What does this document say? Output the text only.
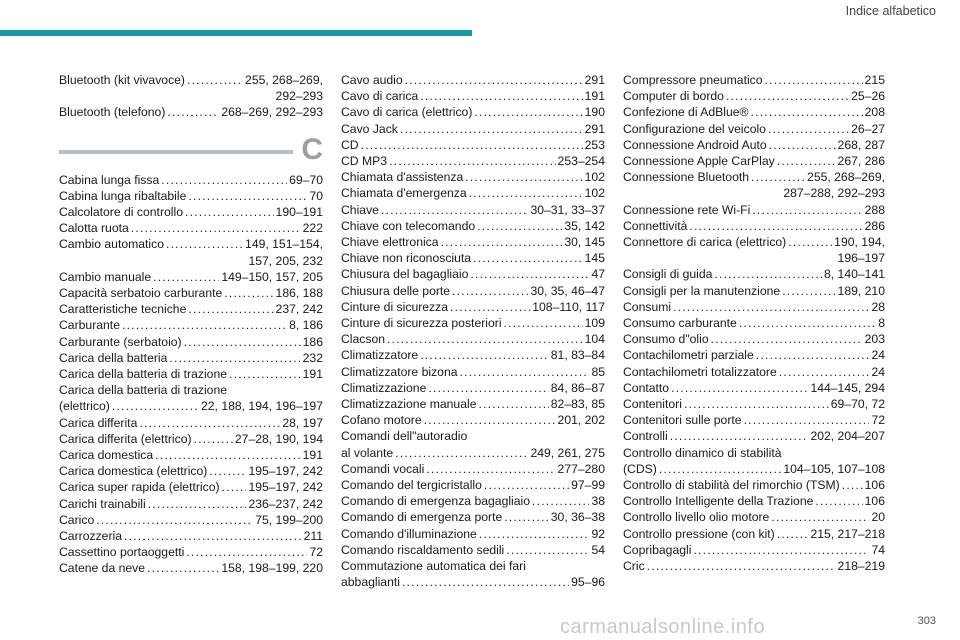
Indice alfabetico
Bluetooth (kit vivavoce) .....	255, 268–269,
292–293
Bluetooth (telefono) .....	268–269, 292–293
C
Cabina lunga fissa .....	69–70
Cabina lunga ribaltabile .....	70
Calcolatore di controllo .....	190–191
Calotta ruota .....	222
Cambio automatico .....	149, 151–154,
157, 205, 232
Cambio manuale .....	149–150, 157, 205
Capacità serbatoio carburante .....	186, 188
Caratteristiche tecniche .....	237, 242
Carburante .....	8, 186
Carburante (serbatoio) .....	186
Carica della batteria .....	232
Carica della batteria di trazione .....	191
Carica della batteria di trazione
(elettrico) .....	22, 188, 194, 196–197
Carica differita .....	28, 197
Carica differita (elettrico) .....	27–28, 190, 194
Carica domestica .....	191
Carica domestica (elettrico) .....	195–197, 242
Carica super rapida (elettrico) ..... 195–197, 242
Carichi trainabili .....	236–237, 242
Carico .....	75, 199–200
Carrozzeria .....	211
Cassettino portaoggetti .....	72
Catene da neve .....	158, 198–199, 220
Cavo audio .....	291
Cavo di carica .....	191
Cavo di carica (elettrico) .....	190
Cavo Jack .....	291
CD .....	253
CD MP3 .....	253–254
Chiamata d'assistenza .....	102
Chiamata d'emergenza .....	102
Chiave .....	30–31, 33–37
Chiave con telecomando .....	35, 142
Chiave elettronica .....	30, 145
Chiave non riconosciuta .....	145
Chiusura del bagagliaio .....	47
Chiusura delle porte .....	30, 35, 46–47
Cinture di sicurezza .....	108–110, 117
Cinture di sicurezza posteriori .....	109
Clacson .....	104
Climatizzatore .....	81, 83–84
Climatizzatore bizona .....	85
Climatizzazione .....	84, 86–87
Climatizzazione manuale .....	82–83, 85
Cofano motore .....	201, 202
Comandi dell"autoradio
al volante .....	249, 261, 275
Comandi vocali .....	277–280
Comando del tergicristallo .....	97–99
Comando di emergenza bagagliaio .....	38
Comando di emergenza porte .....	30, 36–38
Comando d'illuminazione .....	92
Comando riscaldamento sedili .....	54
Commutazione automatica dei fari
abbaglianti .....	95–96
Compressore pneumatico .....	215
Computer di bordo .....	25–26
Confezione di AdBlue® .....	208
Configurazione del veicolo .....	26–27
Connessione Android Auto .....	268, 287
Connessione Apple CarPlay .....	267, 286
Connessione Bluetooth .....	255, 268–269,
287–288, 292–293
Connessione rete Wi-Fi .....	288
Connettività .....	286
Connettore di carica (elettrico) .....	190, 194,
196–197
Consigli di guida .....	8, 140–141
Consigli per la manutenzione .....	189, 210
Consumi .....	28
Consumo carburante .....	8
Consumo d"olio .....	203
Contachilometri parziale .....	24
Contachilometri totalizzatore .....	24
Contatto .....	144–145, 294
Contenitori .....	69–70, 72
Contenitori sulle porte .....	72
Controlli .....	202, 204–207
Controllo dinamico di stabilità
(CDS) .....	104–105, 107–108
Controllo di stabilità del rimorchio (TSM) ..... 106
Controllo Intelligente della Trazione .....	106
Controllo livello olio motore .....	20
Controllo pressione (con kit) .....	215, 217–218
Copribagagli .....	74
Cric .....	218–219
carmanualsonline.info	303
